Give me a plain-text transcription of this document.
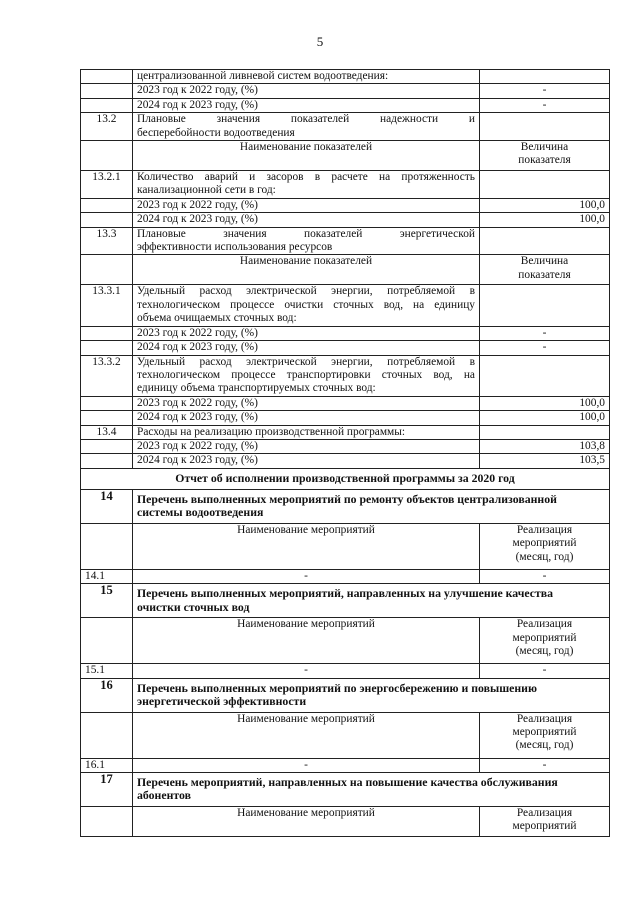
5
	централизованной ливневой систем водоотведения:	
	2023 год к 2022 году, (%)	-
	2024 год к 2023 году, (%)	-
13.2	Плановые значения показателей надежности и
бесперебойности водоотведения	

	Наименование показателей	Величина
показателя

13.2.1	Количество аварий и засоров в расчете на протяженность
канализационной сети в год:	

	2023 год к 2022 году, (%)	100,0
	2024 год к 2023 году, (%)	100,0
13.3	Плановые значения показателей энергетической
эффективности использования ресурсов	

	Наименование показателей	Величина
показателя

13.3.1	Удельный расход электрической энергии, потребляемой в
технологическом процессе очистки сточных вод, на единицу
объема очищаемых сточных вод:	

	2023 год к 2022 году, (%)	-
	2024 год к 2023 году, (%)	-
13.3.2	Удельный расход электрической энергии, потребляемой в
технологическом процессе транспортировки сточных вод, на
единицу объема транспортируемых сточных вод:	

	2023 год к 2022 году, (%)	100,0
	2024 год к 2023 году, (%)	100,0
13.4	Расходы на реализацию производственной программы:	
	2023 год к 2022 году, (%)	103,8
	2024 год к 2023 году, (%)	103,5
Отчет об исполнении производственной программы за 2020 год		
14	Перечень выполненных мероприятий по ремонту объектов централизованной
системы водоотведения	

	Наименование мероприятий	Реализация
мероприятий
(месяц, год)

14.1	-	-
15	Перечень выполненных мероприятий, направленных на улучшение качества
очистки сточных вод	

	Наименование мероприятий	Реализация
мероприятий
(месяц, год)

15.1	-	-
16	Перечень выполненных мероприятий по энергосбережению и повышению
энергетической эффективности	

	Наименование мероприятий	Реализация
мероприятий
(месяц, год)

16.1	-	-
17	Перечень мероприятий, направленных на повышение качества обслуживания
абонентов	

	Наименование мероприятий	Реализация
мероприятий
